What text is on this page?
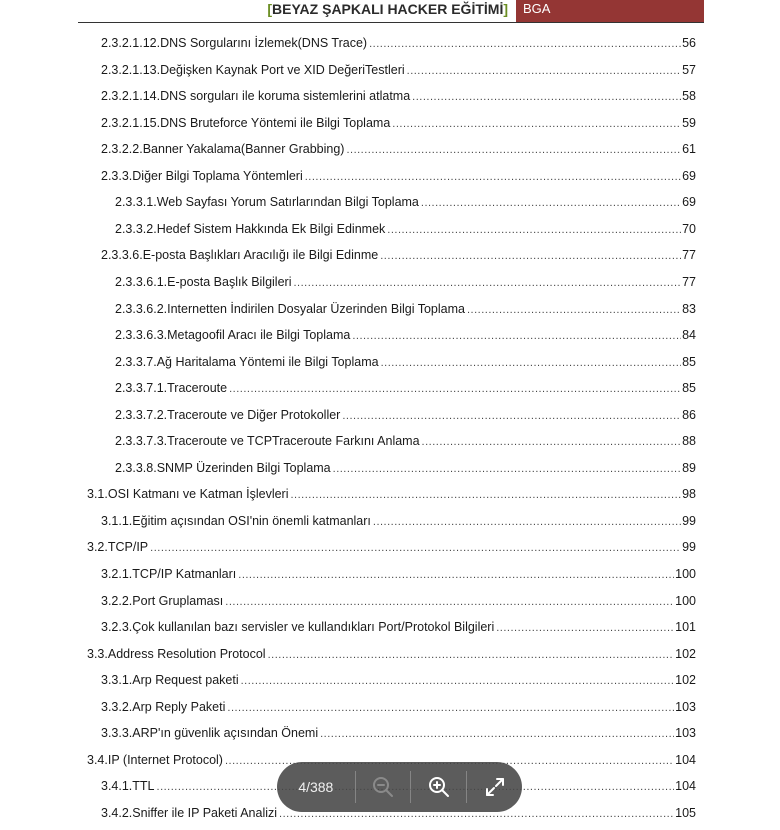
[BEYAZ ŞAPKALI HACKER EĞİTİMİ]	BGA
2.3.2.1.12. DNS Sorgularını İzlemek(DNS Trace) .....	56
2.3.2.1.13. Değişken Kaynak Port ve XID DeğeriTestleri .....	57
2.3.2.1.14. DNS sorguları ile koruma sistemlerini atlatma .....	58
2.3.2.1.15. DNS Bruteforce Yöntemi ile Bilgi Toplama .....	59
2.3.2.2. Banner Yakalama(Banner Grabbing) .....	61
2.3.3. Diğer Bilgi Toplama Yöntemleri .....	69
2.3.3.1. Web Sayfası Yorum Satırlarından Bilgi Toplama .....	69
2.3.3.2. Hedef Sistem Hakkında Ek Bilgi Edinmek .....	70
2.3.3.6. E-posta Başlıkları Aracılığı ile Bilgi Edinme .....	77
2.3.3.6.1. E-posta Başlık Bilgileri .....	77
2.3.3.6.2. Internetten İndirilen Dosyalar Üzerinden Bilgi Toplama .....	83
2.3.3.6.3. Metagoofil Aracı ile Bilgi Toplama .....	84
2.3.3.7. Ağ Haritalama Yöntemi ile Bilgi Toplama .....	85
2.3.3.7.1. Traceroute .....	85
2.3.3.7.2. Traceroute ve Diğer Protokoller .....	86
2.3.3.7.3. Traceroute ve TCPTraceroute Farkını Anlama .....	88
2.3.3.8. SNMP Üzerinden Bilgi Toplama .....	89
3.1. OSI Katmanı ve Katman İşlevleri .....	98
3.1.1. Eğitim açısından OSI'nin önemli katmanları .....	99
3.2. TCP/IP .....	99
3.2.1. TCP/IP Katmanları .....	100
3.2.2. Port Gruplaması .....	100
3.2.3. Çok kullanılan bazı servisler ve kullandıkları Port/Protokol Bilgileri .....	101
3.3. Address Resolution Protocol .....	102
3.3.1. Arp Request paketi .....	102
3.3.2. Arp Reply Paketi .....	103
3.3.3. ARP'ın güvenlik açısından Önemi .....	103
3.4. IP (Internet Protocol) .....	104
3.4.1. TTL .....	104
3.4.2. Sniffer ile IP Paketi Analizi .....	105
4/388
